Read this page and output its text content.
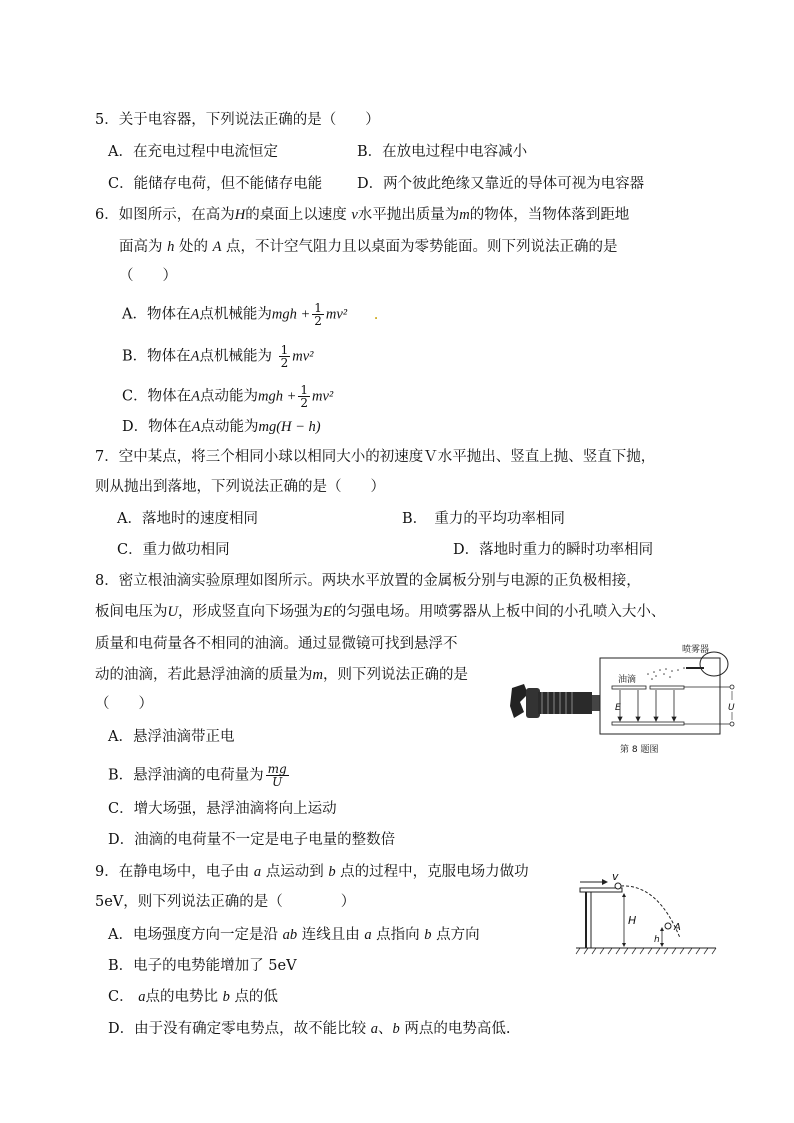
5．关于电容器，下列说法正确的是（　　）
A．在充电过程中电流恒定	B．在放电过程中电容减小
C．能储存电荷，但不能储存电能 D．两个彼此绝缘又靠近的导体可视为电容器
6．如图所示，在高为H的桌面上以速度 v水平抛出质量为m的物体，当物体落到距地
面高为 h 处的 A 点，不计空气阻力且以桌面为零势能面。则下列说法正确的是
（　　）
A．物体在A点机械能为mgh + $\frac{1}{2} mv^2$ .
B．物体在A点机械能为 $\frac{1}{2} mv^2$
C．物体在A点动能为mgh + $\frac{1}{2} mv^2$
D．物体在A点动能为mg(H − h)
7．空中某点，将三个相同小球以相同大小的初速度Ｖ水平抛出、竖直上抛、竖直下抛，
则从抛出到落地，下列说法正确的是（　　）
A．落地时的速度相同	B．　重力的平均功率相同
C．重力做功相同	D．落地时重力的瞬时功率相同
8．密立根油滴实验原理如图所示。两块水平放置的金属板分别与电源的正负极相接，
板间电压为U，形成竖直向下场强为E的匀强电场。用喷雾器从上板中间的小孔喷入大小、
质量和电荷量各不相同的油滴。通过显微镜可找到悬浮不
动的油滴，若此悬浮油滴的质量为m，则下列说法正确的是
（　　）
A．悬浮油滴带正电
B．悬浮油滴的电荷量为 $\frac{mg}{U}$
C．增大场强，悬浮油滴将向上运动
D．油滴的电荷量不一定是电子电量的整数倍
油滴
喷雾器
E	U
第 8 题图
9．在静电场中，电子由 a 点运动到 b 点的过程中，克服电场力做功
5eV，则下列说法正确的是（　　　　）
A．电场强度方向一定是沿 ab 连线且由 a 点指向 b 点方向
B．电子的电势能增加了 5eV
C． a点的电势比 b 点的低
D．由于没有确定零电势点，故不能比较 a、b 两点的电势高低.
v
H
A
h
